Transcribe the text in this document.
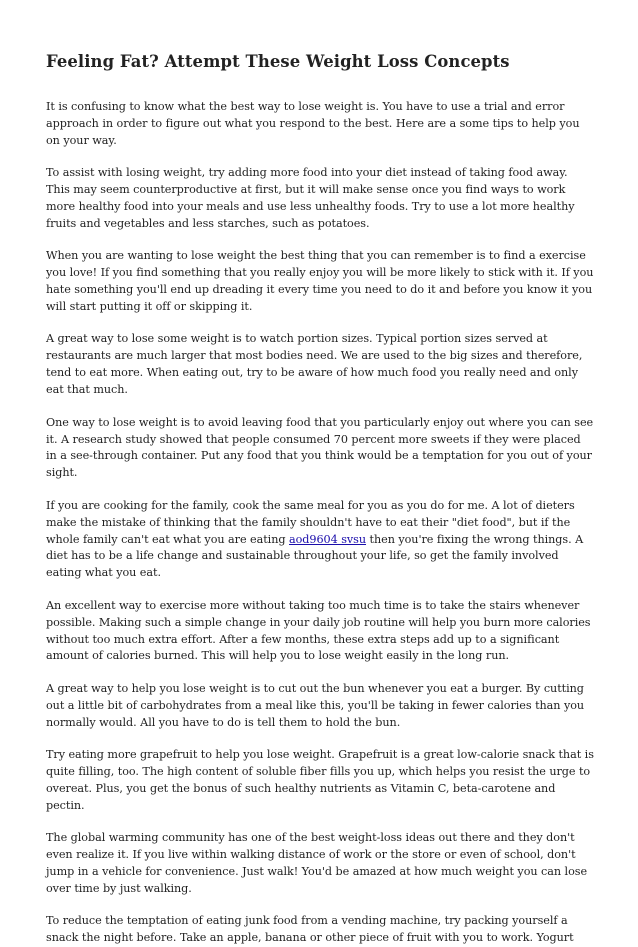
Feeling Fat? Attempt These Weight Loss Concepts

It is confusing to know what the best way to lose weight is. You have to use a trial and error approach in order to figure out what you respond to the best. Here are a some tips to help you on your way.

To assist with losing weight, try adding more food into your diet instead of taking food away. This may seem counterproductive at first, but it will make sense once you find ways to work more healthy food into your meals and use less unhealthy foods. Try to use a lot more healthy fruits and vegetables and less starches, such as potatoes.

When you are wanting to lose weight the best thing that you can remember is to find a exercise you love! If you find something that you really enjoy you will be more likely to stick with it. If you hate something you'll end up dreading it every time you need to do it and before you know it you will start putting it off or skipping it.

A great way to lose some weight is to watch portion sizes. Typical portion sizes served at restaurants are much larger that most bodies need. We are used to the big sizes and therefore, tend to eat more. When eating out, try to be aware of how much food you really need and only eat that much.

One way to lose weight is to avoid leaving food that you particularly enjoy out where you can see it. A research study showed that people consumed 70 percent more sweets if they were placed in a see-through container. Put any food that you think would be a temptation for you out of your sight.

If you are cooking for the family, cook the same meal for you as you do for me. A lot of dieters make the mistake of thinking that the family shouldn't have to eat their "diet food", but if the whole family can't eat what you are eating aod9604 svsu then you're fixing the wrong things. A diet has to be a life change and sustainable throughout your life, so get the family involved eating what you eat.

An excellent way to exercise more without taking too much time is to take the stairs whenever possible. Making such a simple change in your daily job routine will help you burn more calories without too much extra effort. After a few months, these extra steps add up to a significant amount of calories burned. This will help you to lose weight easily in the long run.

A great way to help you lose weight is to cut out the bun whenever you eat a burger. By cutting out a little bit of carbohydrates from a meal like this, you'll be taking in fewer calories than you normally would. All you have to do is tell them to hold the bun.

Try eating more grapefruit to help you lose weight. Grapefruit is a great low-calorie snack that is quite filling, too. The high content of soluble fiber fills you up, which helps you resist the urge to overeat. Plus, you get the bonus of such healthy nutrients as Vitamin C, beta-carotene and pectin.

The global warming community has one of the best weight-loss ideas out there and they don't even realize it. If you live within walking distance of work or the store or even of school, don't jump in a vehicle for convenience. Just walk! You'd be amazed at how much weight you can lose over time by just walking.

To reduce the temptation of eating junk food from a vending machine, try packing yourself a snack the night before. Take an apple, banana or other piece of fruit with you to work. Yogurt
